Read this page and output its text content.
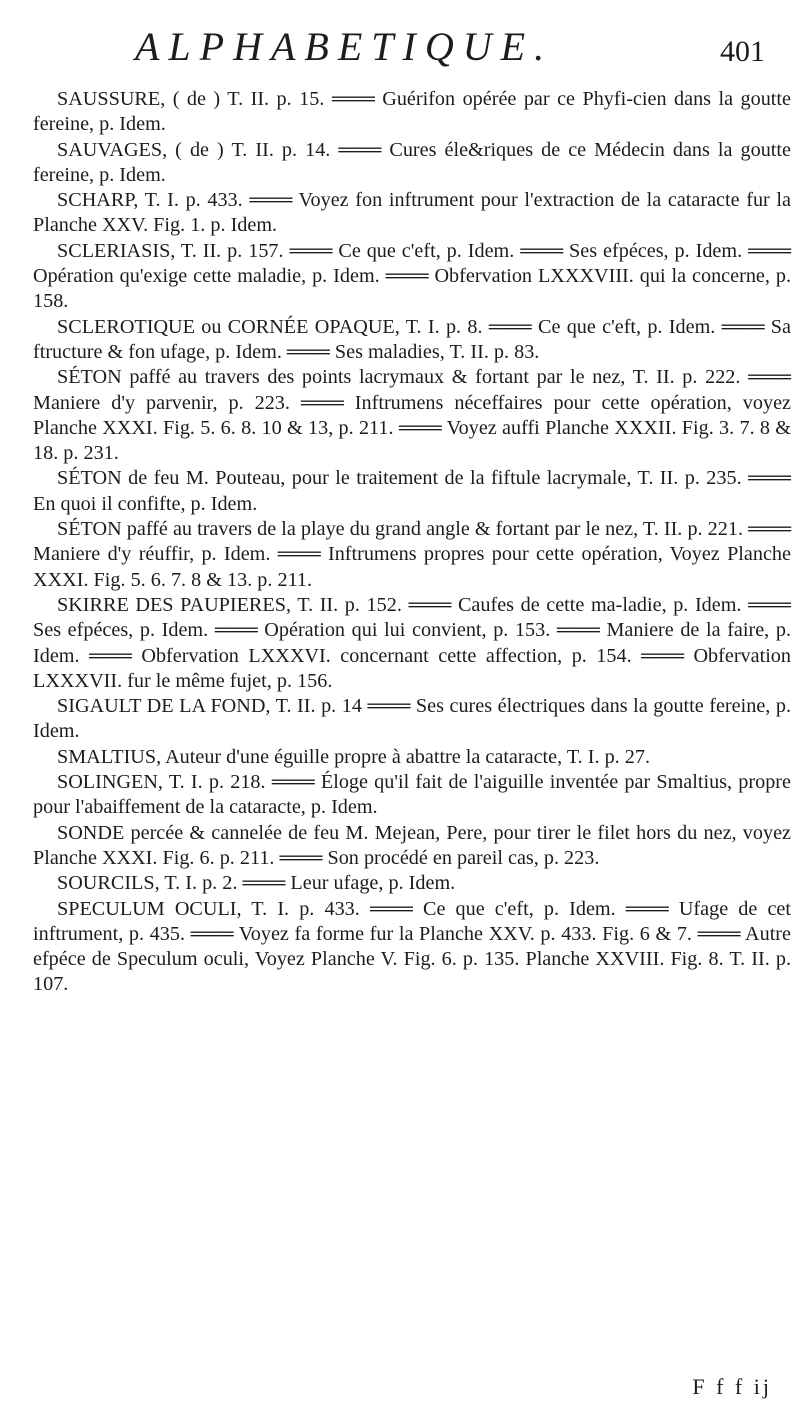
ALPHABETIQUE.	401

SAUSSURE, ( de ) T. II. p. 15. ═══ Guérifon opérée par ce Phyfi-cien dans la goutte fereine, p. Idem.

SAUVAGES, ( de ) T. II. p. 14. ═══ Cures éle&riques de ce Médecin dans la goutte fereine, p. Idem.

SCHARP, T. I. p. 433. ═══ Voyez fon inftrument pour l'extraction de la cataracte fur la Planche XXV. Fig. 1. p. Idem.

SCLERIASIS, T. II. p. 157. ═══ Ce que c'eft, p. Idem. ═══ Ses efpéces, p. Idem. ═══ Opération qu'exige cette maladie, p. Idem. ═══ Obfervation LXXXVIII. qui la concerne, p. 158.

SCLEROTIQUE ou CORNÉE OPAQUE, T. I. p. 8. ═══ Ce que c'eft, p. Idem. ═══ Sa ftructure & fon ufage, p. Idem. ═══ Ses maladies, T. II. p. 83.

SÉTON paffé au travers des points lacrymaux & fortant par le nez, T. II. p. 222. ═══ Maniere d'y parvenir, p. 223. ═══ Inftrumens néceffaires pour cette opération, voyez Planche XXXI. Fig. 5. 6. 8. 10 & 13, p. 211. ═══ Voyez auffi Planche XXXII. Fig. 3. 7. 8 & 18. p. 231.

SÉTON de feu M. Pouteau, pour le traitement de la fiftule lacrymale, T. II. p. 235. ═══ En quoi il confifte, p. Idem.

SÉTON paffé au travers de la playe du grand angle & fortant par le nez, T. II. p. 221. ═══ Maniere d'y réuffir, p. Idem. ═══ Inftrumens propres pour cette opération, Voyez Planche XXXI. Fig. 5. 6. 7. 8 & 13. p. 211.

SKIRRE DES PAUPIERES, T. II. p. 152. ═══ Caufes de cette ma-ladie, p. Idem. ═══ Ses efpéces, p. Idem. ═══ Opération qui lui convient, p. 153. ═══ Maniere de la faire, p. Idem. ═══ Obfervation LXXXVI. concernant cette affection, p. 154. ═══ Obfervation LXXXVII. fur le même fujet, p. 156.

SIGAULT DE LA FOND, T. II. p. 14 ═══ Ses cures électriques dans la goutte fereine, p. Idem.

SMALTIUS, Auteur d'une éguille propre à abattre la cataracte, T. I. p. 27.

SOLINGEN, T. I. p. 218. ═══ Éloge qu'il fait de l'aiguille inventée par Smaltius, propre pour l'abaiffement de la cataracte, p. Idem.

SONDE percée & cannelée de feu M. Mejean, Pere, pour tirer le filet hors du nez, voyez Planche XXXI. Fig. 6. p. 211. ═══ Son procédé en pareil cas, p. 223.

SOURCILS, T. I. p. 2. ═══ Leur ufage, p. Idem.

SPECULUM OCULI, T. I. p. 433. ═══ Ce que c'eft, p. Idem. ═══ Ufage de cet inftrument, p. 435. ═══ Voyez fa forme fur la Planche XXV. p. 433. Fig. 6 & 7. ═══ Autre efpéce de Speculum oculi, Voyez Planche V. Fig. 6. p. 135. Planche XXVIII. Fig. 8. T. II. p. 107.

F f f ij
